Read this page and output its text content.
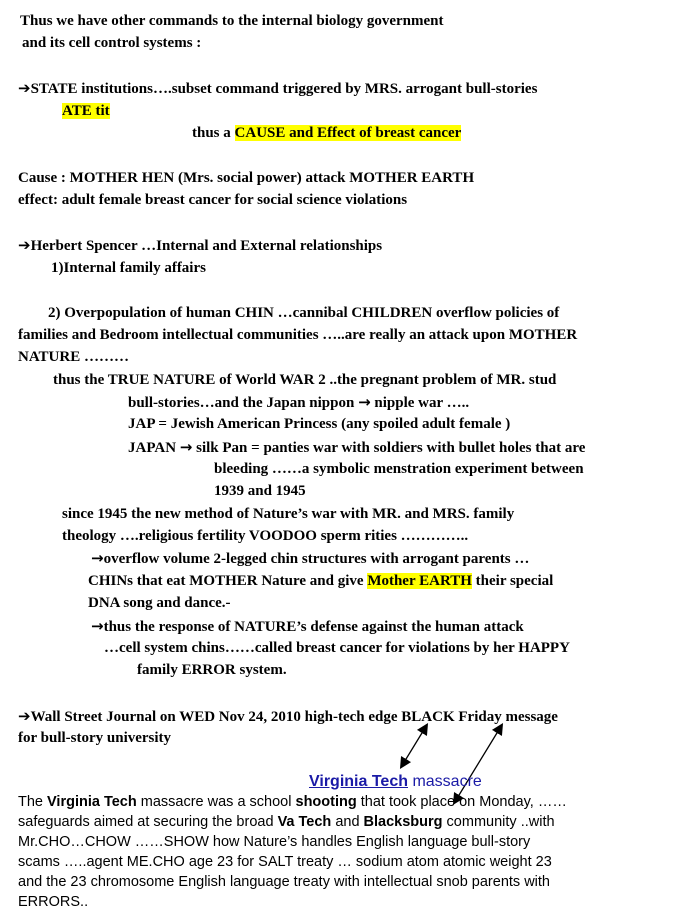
Thus we have other commands to the internal biology government
and its cell control systems :
➔STATE institutions….subset command triggered by MRS. arrogant bull-stories
ATE tit
thus a CAUSE and Effect of breast cancer
Cause : MOTHER HEN (Mrs. social power) attack MOTHER EARTH
effect: adult female breast cancer for social science violations
➔Herbert Spencer …Internal and External relationships
1)Internal family affairs
2) Overpopulation of human CHIN …cannibal CHILDREN overflow policies of
families and Bedroom intellectual communities …..are really an attack upon MOTHER
NATURE ………
thus the TRUE NATURE of World WAR 2 ..the pregnant problem of MR. stud
bull-stories…and the Japan nippon → nipple war …..
JAP = Jewish American Princess (any spoiled adult female )
JAPAN → silk Pan = panties war with soldiers with bullet holes that are
bleeding ……a symbolic menstration experiment between
1939 and 1945
since 1945 the new method of Nature’s war with MR. and MRS. family
theology ….religious fertility VOODOO sperm rities …………..
→overflow volume 2-legged chin structures with arrogant parents …
CHINs that eat MOTHER Nature and give Mother EARTH their special
DNA song and dance.-
→thus the response of NATURE’s defense against the human attack
…cell system chins……called breast cancer for violations by her HAPPY
family ERROR system.
➔Wall Street Journal on WED Nov 24, 2010 high-tech edge BLACK Friday message
for bull-story university
Virginia Tech massacre
The Virginia Tech massacre was a school shooting that took place on Monday, ……
safeguards aimed at securing the broad Va Tech and Blacksburg community ..with
Mr.CHO…CHOW ……SHOW how Nature’s handles English language bull-story
scams …..agent ME.CHO age 23 for SALT treaty … sodium atom atomic weight 23
and the 23 chromosome English language treaty with intellectual snob parents with
ERRORS..
